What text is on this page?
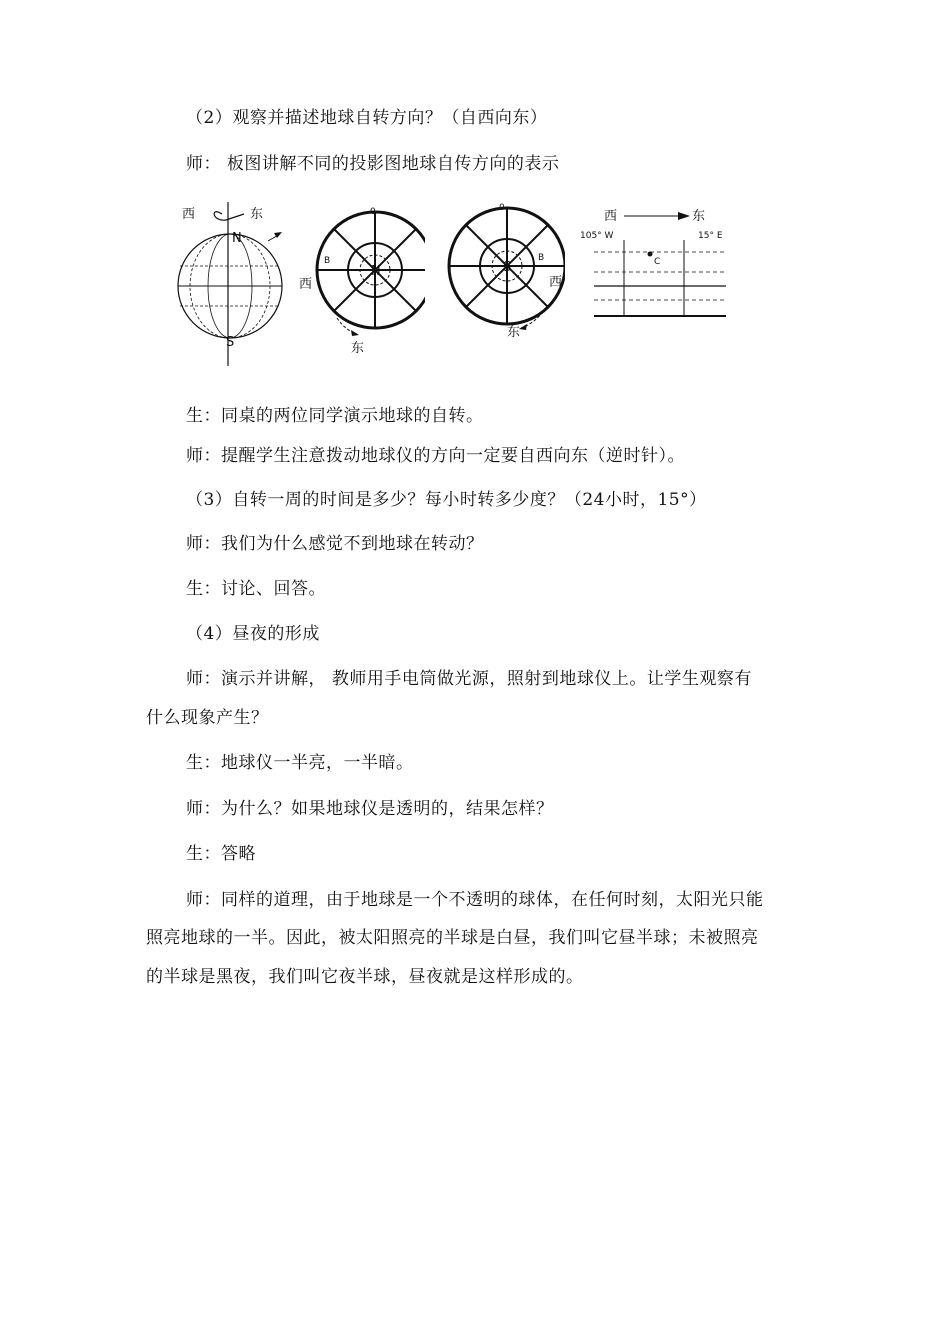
（2）观察并描述地球自转方向？（自西向东）
师： 板图讲解不同的投影图地球自传方向的表示
西	东
N
S
0
N
B
西
东
0
S
B
西
东
西	东
105° W	15° E
C
生：同桌的两位同学演示地球的自转。
师：提醒学生注意拨动地球仪的方向一定要自西向东（逆时针）。
（3）自转一周的时间是多少？每小时转多少度？（24小时，15°）
师：我们为什么感觉不到地球在转动？
生：讨论、回答。
（4）昼夜的形成
师：演示并讲解， 教师用手电筒做光源，照射到地球仪上。让学生观察有
什么现象产生？
生：地球仪一半亮，一半暗。
师：为什么？如果地球仪是透明的，结果怎样？
生：答略
师：同样的道理，由于地球是一个不透明的球体，在任何时刻，太阳光只能
照亮地球的一半。因此，被太阳照亮的半球是白昼，我们叫它昼半球；未被照亮
的半球是黑夜，我们叫它夜半球，昼夜就是这样形成的。
